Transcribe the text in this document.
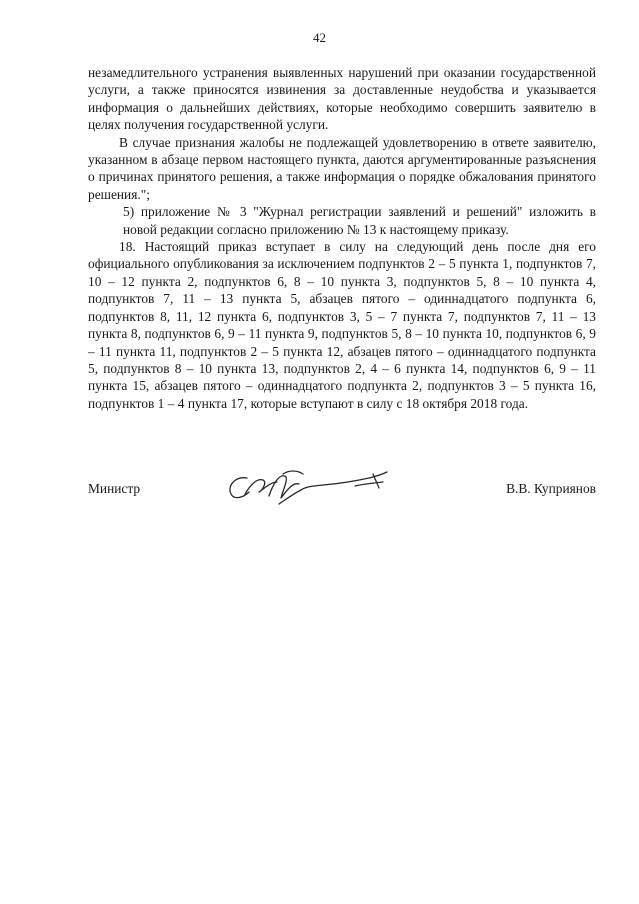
42

незамедлительного устранения выявленных нарушений при оказании государственной услуги, а также приносятся извинения за доставленные неудобства и указывается информация о дальнейших действиях, которые необходимо совершить заявителю в целях получения государственной услуги.

В случае признания жалобы не подлежащей удовлетворению в ответе заявителю, указанном в абзаце первом настоящего пункта, даются аргументированные разъяснения о причинах принятого решения, а также информация о порядке обжалования принятого решения.";

5) приложение № 3 "Журнал регистрации заявлений и решений" изложить в новой редакции согласно приложению № 13 к настоящему приказу.

18. Настоящий приказ вступает в силу на следующий день после дня его официального опубликования за исключением подпунктов 2 – 5 пункта 1, подпунктов 7, 10 – 12 пункта 2, подпунктов 6, 8 – 10 пункта 3, подпунктов 5, 8 – 10 пункта 4, подпунктов 7, 11 – 13 пункта 5, абзацев пятого – одиннадцатого подпункта 6, подпунктов 8, 11, 12 пункта 6, подпунктов 3, 5 – 7 пункта 7, подпунктов 7, 11 – 13 пункта 8, подпунктов 6, 9 – 11 пункта 9, подпунктов 5, 8 – 10 пункта 10, подпунктов 6, 9 – 11 пункта 11, подпунктов 2 – 5 пункта 12, абзацев пятого – одиннадцатого подпункта 5, подпунктов 8 – 10 пункта 13, подпунктов 2, 4 – 6 пункта 14, подпунктов 6, 9 – 11 пункта 15, абзацев пятого – одиннадцатого подпункта 2, подпунктов 3 – 5 пункта 16, подпунктов 1 – 4 пункта 17, которые вступают в силу с 18 октября 2018 года.

Министр	В.В. Куприянов
